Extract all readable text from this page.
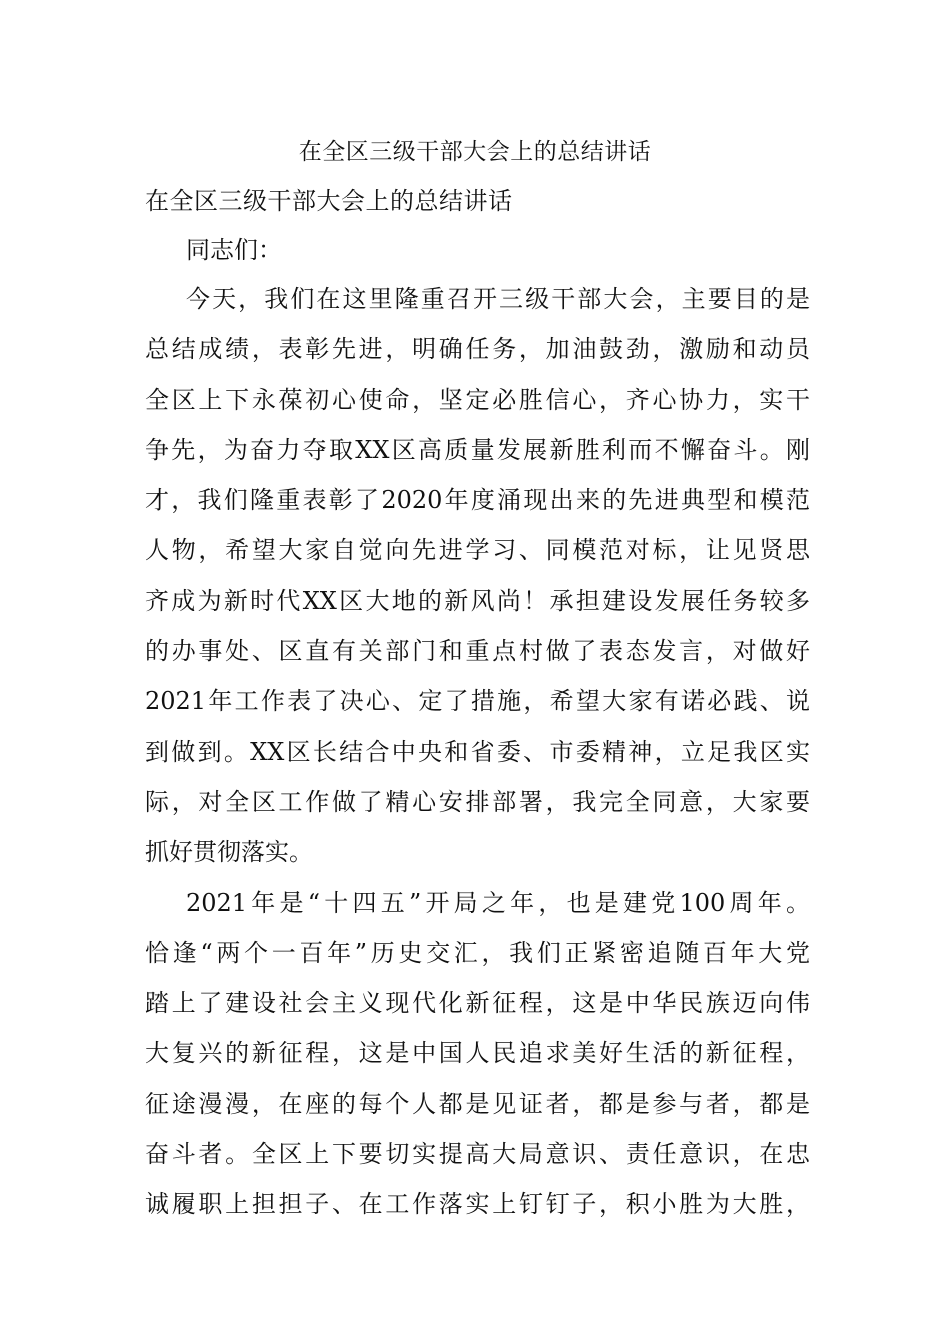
在全区三级干部大会上的总结讲话
在全区三级干部大会上的总结讲话
同志们：
今天，我们在这里隆重召开三级干部大会，主要目的是
总结成绩，表彰先进，明确任务，加油鼓劲，激励和动员
全区上下永葆初心使命，坚定必胜信心，齐心协力，实干
争先，为奋力夺取XX区高质量发展新胜利而不懈奋斗。刚
才，我们隆重表彰了2020年度涌现出来的先进典型和模范
人物，希望大家自觉向先进学习、同模范对标，让见贤思
齐成为新时代XX区大地的新风尚！承担建设发展任务较多
的办事处、区直有关部门和重点村做了表态发言，对做好
2021年工作表了决心、定了措施，希望大家有诺必践、说
到做到。XX区长结合中央和省委、市委精神，立足我区实
际，对全区工作做了精心安排部署，我完全同意，大家要
抓好贯彻落实。
2021年是“十四五”开局之年，也是建党100周年。
恰逢“两个一百年”历史交汇，我们正紧密追随百年大党
踏上了建设社会主义现代化新征程，这是中华民族迈向伟
大复兴的新征程，这是中国人民追求美好生活的新征程，
征途漫漫，在座的每个人都是见证者，都是参与者，都是
奋斗者。全区上下要切实提高大局意识、责任意识，在忠
诚履职上担担子、在工作落实上钉钉子，积小胜为大胜，
